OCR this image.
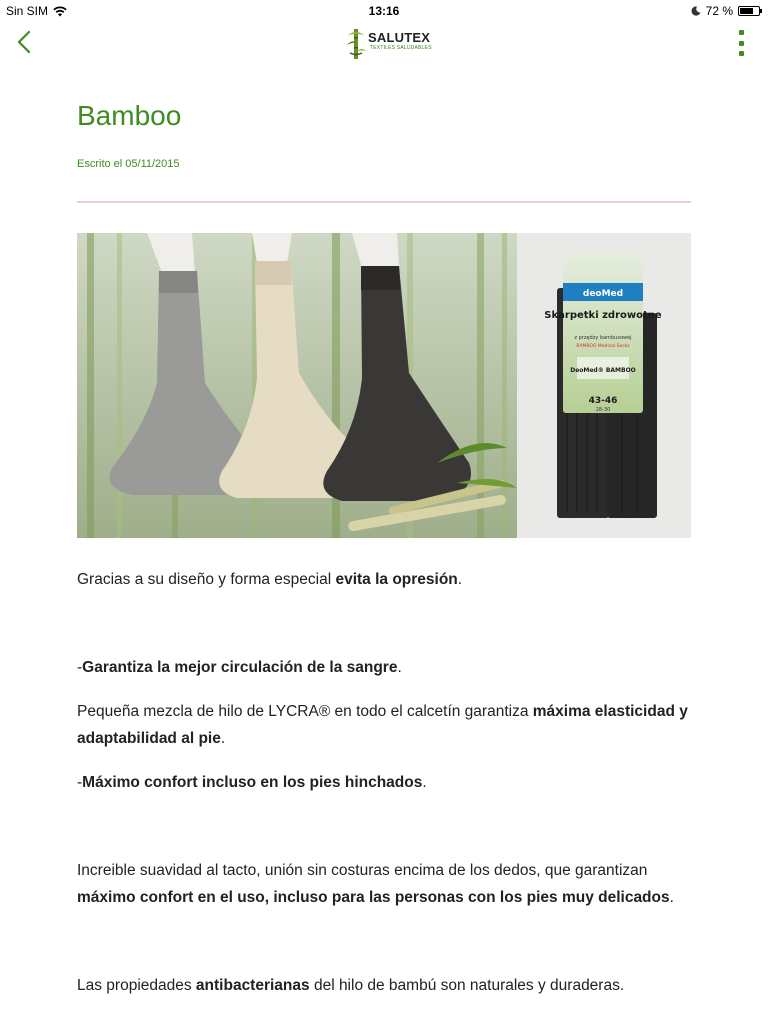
Sin SIM	13:16	72 %
SALUTEX
TEXTILES SALUDABLES
Bamboo
Escrito el 05/11/2015
deoMed
Skarpetki zdrowotne
z przędzy bambusowej
BAMBOO Medical Socks
DeoMed® BAMBOO
43-46
28-30

Gracias a su diseño y forma especial evita la opresión.

-Garantiza la mejor circulación de la sangre.

Pequeña mezcla de hilo de LYCRA® en todo el calcetín garantiza máxima elasticidad y adaptabilidad al pie.

-Máximo confort incluso en los pies hinchados.

Increible suavidad al tacto, unión sin costuras encima de los dedos, que garantizan máximo confort en el uso, incluso para las personas con los pies muy delicados.

Las propiedades antibacterianas del hilo de bambú son naturales y duraderas.
